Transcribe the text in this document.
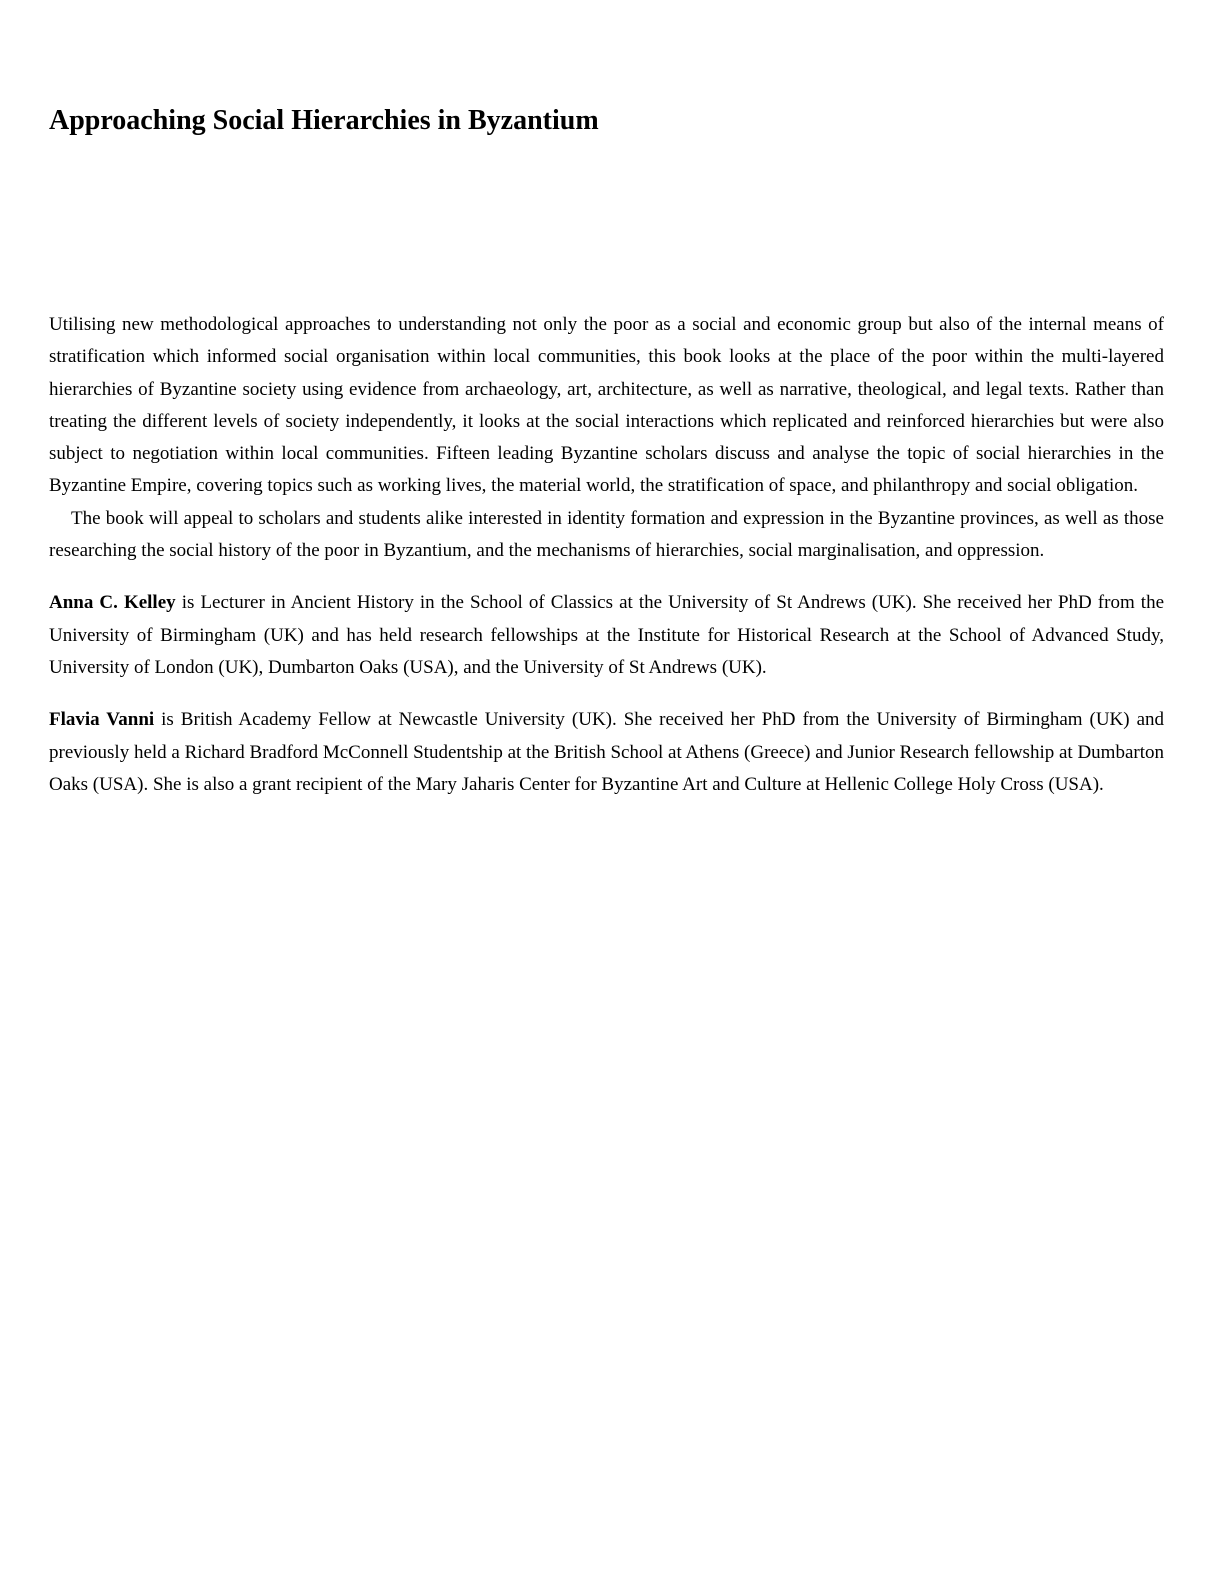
Approaching Social Hierarchies in Byzantium

Utilising new methodological approaches to understanding not only the poor as a social and economic group but also of the internal means of stratification which informed social organisation within local communities, this book looks at the place of the poor within the multi-layered hierarchies of Byzantine society using evidence from archaeology, art, architecture, as well as narrative, theological, and legal texts. Rather than treating the different levels of society independently, it looks at the social interactions which replicated and reinforced hierarchies but were also subject to negotiation within local communities. Fifteen leading Byzantine scholars discuss and analyse the topic of social hierarchies in the Byzantine Empire, covering topics such as working lives, the material world, the stratification of space, and philanthropy and social obligation.

The book will appeal to scholars and students alike interested in identity formation and expression in the Byzantine provinces, as well as those researching the social history of the poor in Byzantium, and the mechanisms of hierarchies, social marginalisation, and oppression.

Anna C. Kelley is Lecturer in Ancient History in the School of Classics at the University of St Andrews (UK). She received her PhD from the University of Birmingham (UK) and has held research fellowships at the Institute for Historical Research at the School of Advanced Study, University of London (UK), Dumbarton Oaks (USA), and the University of St Andrews (UK).

Flavia Vanni is British Academy Fellow at Newcastle University (UK). She received her PhD from the University of Birmingham (UK) and previously held a Richard Bradford McConnell Studentship at the British School at Athens (Greece) and Junior Research fellowship at Dumbarton Oaks (USA). She is also a grant recipient of the Mary Jaharis Center for Byzantine Art and Culture at Hellenic College Holy Cross (USA).
